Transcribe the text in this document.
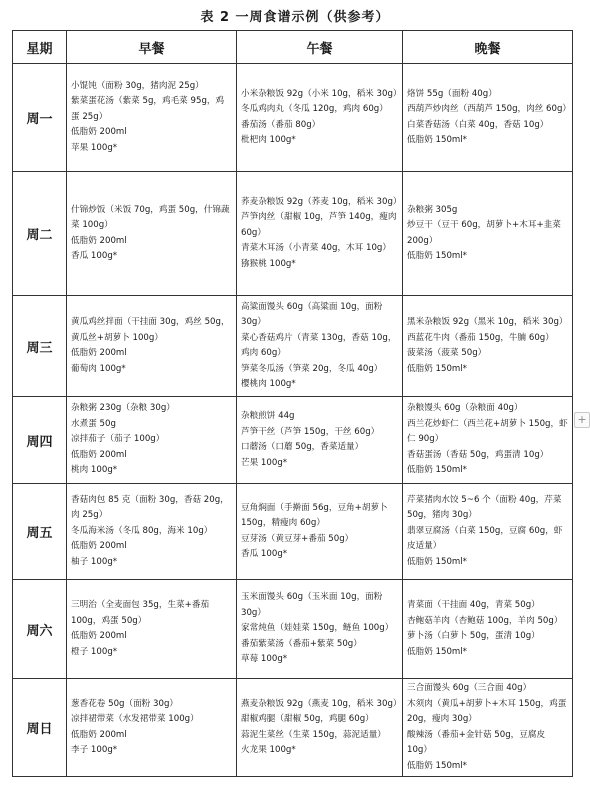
表 2 一周食谱示例（供参考）
星期	早餐	午餐	晚餐
周一	小馄饨（面粉 30g，猪肉泥 25g）
紫菜蛋花汤（紫菜 5g，鸡毛菜 95g，鸡蛋 25g）
低脂奶 200ml
苹果 100g*	小米杂粮饭 92g（小米 10g，稻米 30g）
冬瓜鸡肉丸（冬瓜 120g，鸡肉 60g）
番茄汤（番茄 80g）
枇杷肉 100g*	烙饼 55g（面粉 40g）
西葫芦炒肉丝（西葫芦 150g，肉丝 60g）
白菜香菇汤（白菜 40g，香菇 10g）
低脂奶 150ml*

周二	什锦炒饭（米饭 70g，鸡蛋 50g，什锦蔬菜 100g）
低脂奶 200ml
香瓜 100g*	荞麦杂粮饭 92g（荞麦 10g，稻米 30g）
芦笋肉丝（甜椒 10g，芦笋 140g，瘦肉 60g）
青菜木耳汤（小青菜 40g，木耳 10g）
猕猴桃 100g*	杂粮粥 305g
炒豆干（豆干 60g，胡萝卜+木耳+韭菜 200g）
低脂奶 150ml*

周三	黄瓜鸡丝拌面（干挂面 30g，鸡丝 50g，黄瓜丝+胡萝卜 100g）
低脂奶 200ml
葡萄肉 100g*	高粱面馒头 60g（高粱面 10g，面粉 30g）
菜心香菇鸡片（青菜 130g，香菇 10g，鸡肉 60g）
笋菜冬瓜汤（笋菜 20g，冬瓜 40g）
樱桃肉 100g*	黑米杂粮饭 92g（黑米 10g，稻米 30g）
西蓝花牛肉（番茄 150g，牛腩 60g）
菠菜汤（菠菜 50g）
低脂奶 150ml*

周四	杂粮粥 230g（杂粮 30g）
水煮蛋 50g
凉拌茄子（茄子 100g）
低脂奶 200ml
桃肉 100g*	杂粮煎饼 44g
芦笋干丝（芦笋 150g，干丝 60g）
口蘑汤（口蘑 50g，香菜适量）
芒果 100g*	杂粮馒头 60g（杂粮面 40g）
西兰花炒虾仁（西兰花+胡萝卜 150g，虾仁 90g）
香菇蛋汤（香菇 50g，鸡蛋清 10g）
低脂奶 150ml*

周五	香菇肉包 85 克（面粉 30g，香菇 20g，肉 25g）
冬瓜海米汤（冬瓜 80g，海米 10g）
低脂奶 200ml
柚子 100g*	豆角焖面（手擀面 56g，豆角+胡萝卜 150g，精瘦肉 60g）
豆芽汤（黄豆芽+番茄 50g）
香瓜 100g*	芹菜猪肉水饺 5~6 个（面粉 40g，芹菜 50g，猪肉 30g）
翡翠豆腐汤（白菜 150g，豆腐 60g，虾皮适量）
低脂奶 150ml*

周六	三明治（全麦面包 35g，生菜+番茄 100g，鸡蛋 50g）
低脂奶 200ml
橙子 100g*	玉米面馒头 60g（玉米面 10g，面粉 30g）
家常炖鱼（娃娃菜 150g，鲢鱼 100g）
番茄紫菜汤（番茄+紫菜 50g）
草莓 100g*	青菜面（干挂面 40g，青菜 50g）
杏鲍菇羊肉（杏鲍菇 100g，羊肉 50g）
萝卜汤（白萝卜 50g，蛋清 10g）
低脂奶 150ml*

周日	葱香花卷 50g（面粉 30g）
凉拌裙带菜（水发裙带菜 100g）
低脂奶 200ml
李子 100g*	燕麦杂粮饭 92g（燕麦 10g，稻米 30g）
甜椒鸡腿（甜椒 50g，鸡腿 60g）
蒜泥生菜丝（生菜 150g，蒜泥适量）
火龙果 100g*	三合面馒头 60g（三合面 40g）
木须肉（黄瓜+胡萝卜+木耳 150g，鸡蛋 20g，瘦肉 30g）
酸辣汤（番茄+金针菇 50g，豆腐皮 10g）
低脂奶 150ml*
+
